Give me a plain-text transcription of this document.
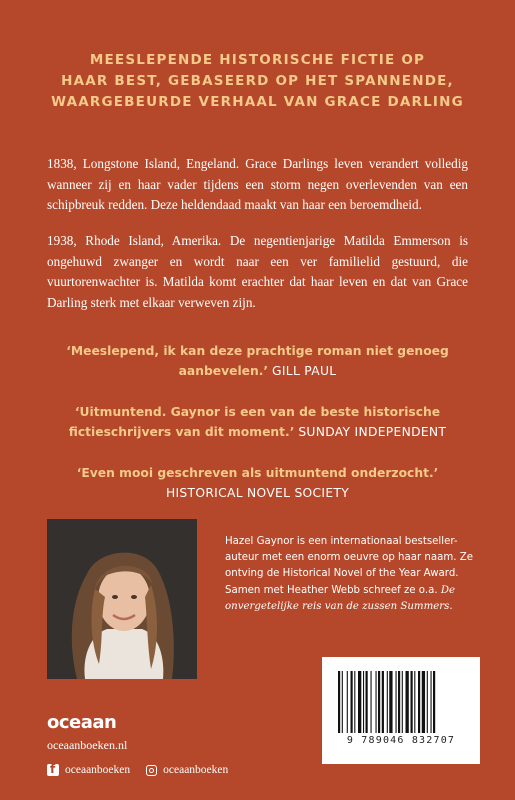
MEESLEPENDE HISTORISCHE FICTIE OP
HAAR BEST, GEBASEERD OP HET SPANNENDE,
WAARGEBEURDE VERHAAL VAN GRACE DARLING
1838, Longstone Island, Engeland. Grace Darlings leven verandert volledig wanneer zij en haar vader tijdens een storm negen overlevenden van een schipbreuk redden. Deze heldendaad maakt van haar een beroemdheid.
1938, Rhode Island, Amerika. De negentienjarige Matilda Emmerson is ongehuwd zwanger en wordt naar een ver familielid gestuurd, die vuurtorenwachter is. Matilda komt erachter dat haar leven en dat van Grace Darling sterk met elkaar verweven zijn.
‘Meeslepend, ik kan deze prachtige roman niet genoeg
aanbevelen.’ GILL PAUL
‘Uitmuntend. Gaynor is een van de beste historische
fictieschrijvers van dit moment.’ SUNDAY INDEPENDENT
‘Even mooi geschreven als uitmuntend onderzocht.’
HISTORICAL NOVEL SOCIETY
Hazel Gaynor is een internationaal bestseller-
auteur met een enorm oeuvre op haar naam. Ze
ontving de Historical Novel of the Year Award.
Samen met Heather Webb schreef ze o.a. De
onvergetelijke reis van de zussen Summers.
9 789046 832707
oceaan
oceaanboeken.nl
f
oceaanboeken	oceaanboeken
